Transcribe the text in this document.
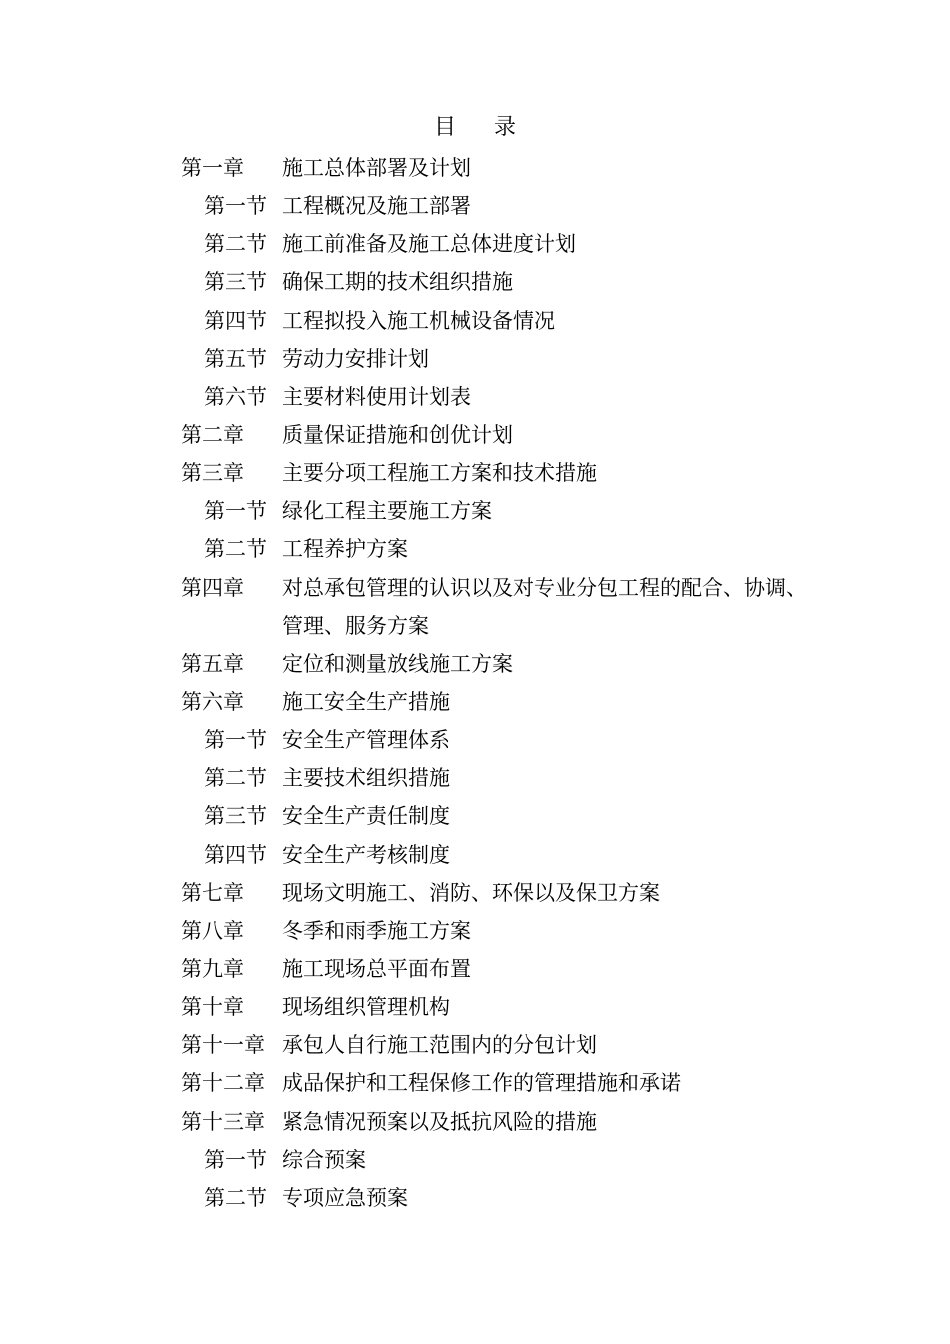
目 录
第一章 施工总体部署及计划
第一节 工程概况及施工部署
第二节 施工前准备及施工总体进度计划
第三节 确保工期的技术组织措施
第四节 工程拟投入施工机械设备情况
第五节 劳动力安排计划
第六节 主要材料使用计划表
第二章 质量保证措施和创优计划
第三章 主要分项工程施工方案和技术措施
第一节 绿化工程主要施工方案
第二节 工程养护方案
第四章 对总承包管理的认识以及对专业分包工程的配合、协调、
管理、服务方案
第五章 定位和测量放线施工方案
第六章 施工安全生产措施
第一节 安全生产管理体系
第二节 主要技术组织措施
第三节 安全生产责任制度
第四节 安全生产考核制度
第七章 现场文明施工、消防、环保以及保卫方案
第八章 冬季和雨季施工方案
第九章 施工现场总平面布置
第十章 现场组织管理机构
第十一章 承包人自行施工范围内的分包计划
第十二章 成品保护和工程保修工作的管理措施和承诺
第十三章 紧急情况预案以及抵抗风险的措施
第一节 综合预案
第二节 专项应急预案
